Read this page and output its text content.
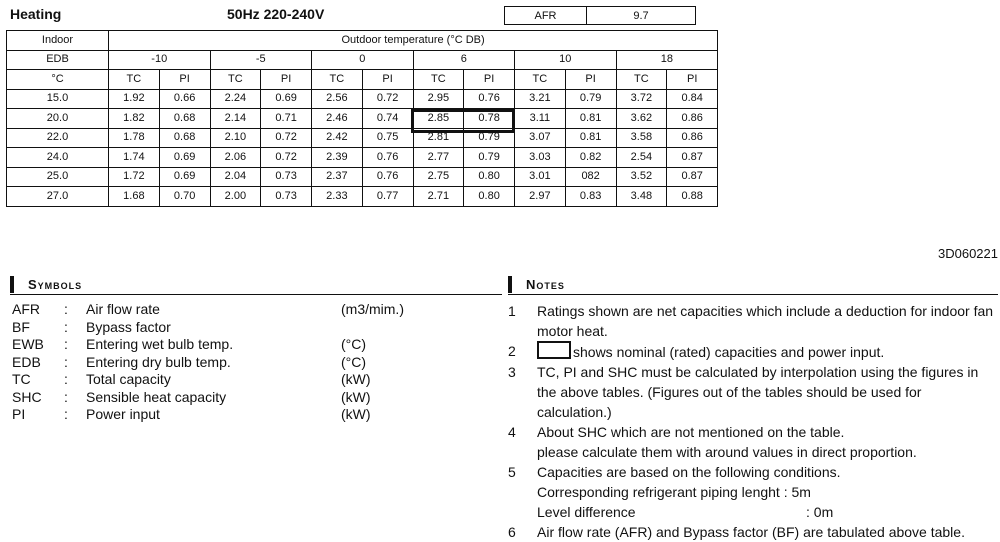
Heating	50Hz 220-240V	AFR	9.7
Indoor	Outdoor temperature (°C DB)											
EDB	-10		-5		0		6		10		18	
°C	TC	PI	TC	PI	TC	PI	TC	PI	TC	PI	TC	PI
15.0	1.92	0.66	2.24	0.69	2.56	0.72	2.95	0.76	3.21	0.79	3.72	0.84
20.0	1.82	0.68	2.14	0.71	2.46	0.74	2.85	0.78	3.11	0.81	3.62	0.86
22.0	1.78	0.68	2.10	0.72	2.42	0.75	2.81	0.79	3.07	0.81	3.58	0.86
24.0	1.74	0.69	2.06	0.72	2.39	0.76	2.77	0.79	3.03	0.82	2.54	0.87
25.0	1.72	0.69	2.04	0.73	2.37	0.76	2.75	0.80	3.01	082	3.52	0.87
27.0	1.68	0.70	2.00	0.73	2.33	0.77	2.71	0.80	2.97	0.83	3.48	0.88
3D060221
Symbols	Notes
AFR	:	Air flow rate	(m3/mim.)
BF	:	Bypass factor
EWB	:	Entering wet bulb temp.	(°C)
EDB	:	Entering dry bulb temp.	(°C)
TC	:	Total capacity	(kW)
SHC	:	Sensible heat capacity	(kW)
PI	:	Power input	(kW)
1	Ratings shown are net capacities which include a deduction for indoor fan motor heat.
2	shows nominal (rated) capacities and power input.
3	TC, PI and SHC must be calculated by interpolation using the figures in the above tables. (Figures out of the tables should be used for calculation.)
4	About SHC which are not mentioned on the table.
please calculate them with around values in direct proportion.
5	Capacities are based on the following conditions.
Corresponding refrigerant piping lenght : 5m
Level difference	: 0m
6	Air flow rate (AFR) and Bypass factor (BF) are tabulated above table.
